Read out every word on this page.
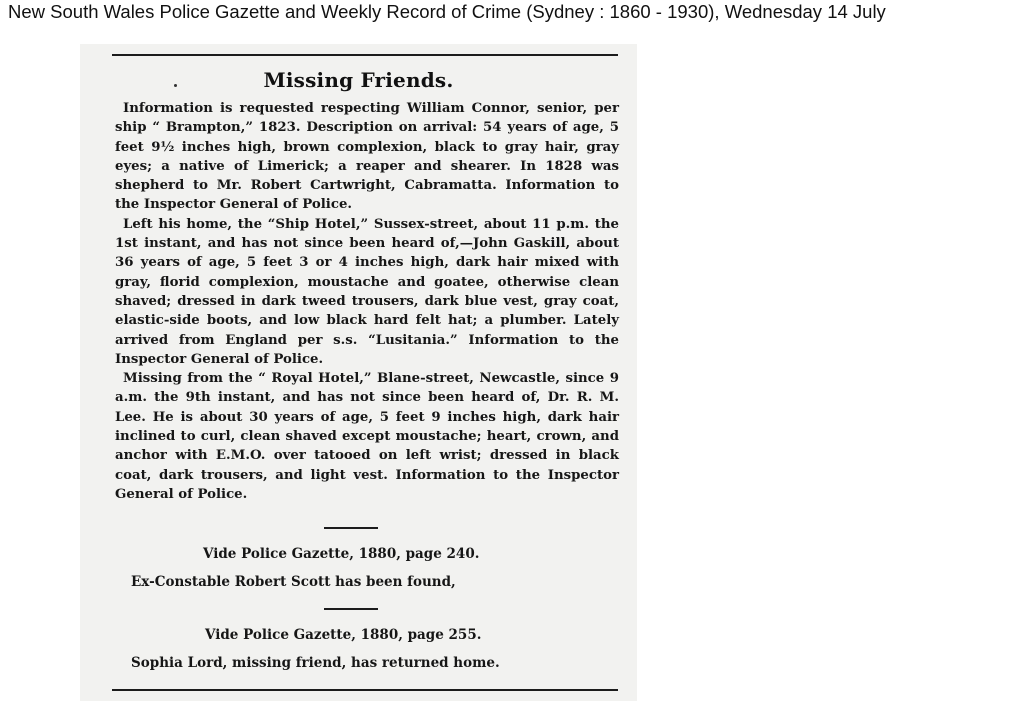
New South Wales Police Gazette and Weekly Record of Crime (Sydney : 1860 - 1930), Wednesday 14 July
Missing Friends.

Information is requested respecting William Connor, senior, per ship “ Brampton,” 1823. Description on arrival: 54 years of age, 5 feet 9½ inches high, brown complexion, black to gray hair, gray eyes; a native of Limerick; a reaper and shearer. In 1828 was shepherd to Mr. Robert Cartwright, Cabramatta. Information to the Inspector General of Police.

Left his home, the “Ship Hotel,” Sussex-street, about 11 p.m. the 1st instant, and has not since been heard of,—John Gaskill, about 36 years of age, 5 feet 3 or 4 inches high, dark hair mixed with gray, florid complexion, moustache and goatee, otherwise clean shaved; dressed in dark tweed trousers, dark blue vest, gray coat, elastic-side boots, and low black hard felt hat; a plumber. Lately arrived from England per s.s. “Lusitania.” Information to the Inspector General of Police.

Missing from the “ Royal Hotel,” Blane-street, Newcastle, since 9 a.m. the 9th instant, and has not since been heard of, Dr. R. M. Lee. He is about 30 years of age, 5 feet 9 inches high, dark hair inclined to curl, clean shaved except moustache; heart, crown, and anchor with E.M.O. over tatooed on left wrist; dressed in black coat, dark trousers, and light vest. Information to the Inspector General of Police.

Vide Police Gazette, 1880, page 240.
Ex-Constable Robert Scott has been found,
Vide Police Gazette, 1880, page 255.
Sophia Lord, missing friend, has returned home.
